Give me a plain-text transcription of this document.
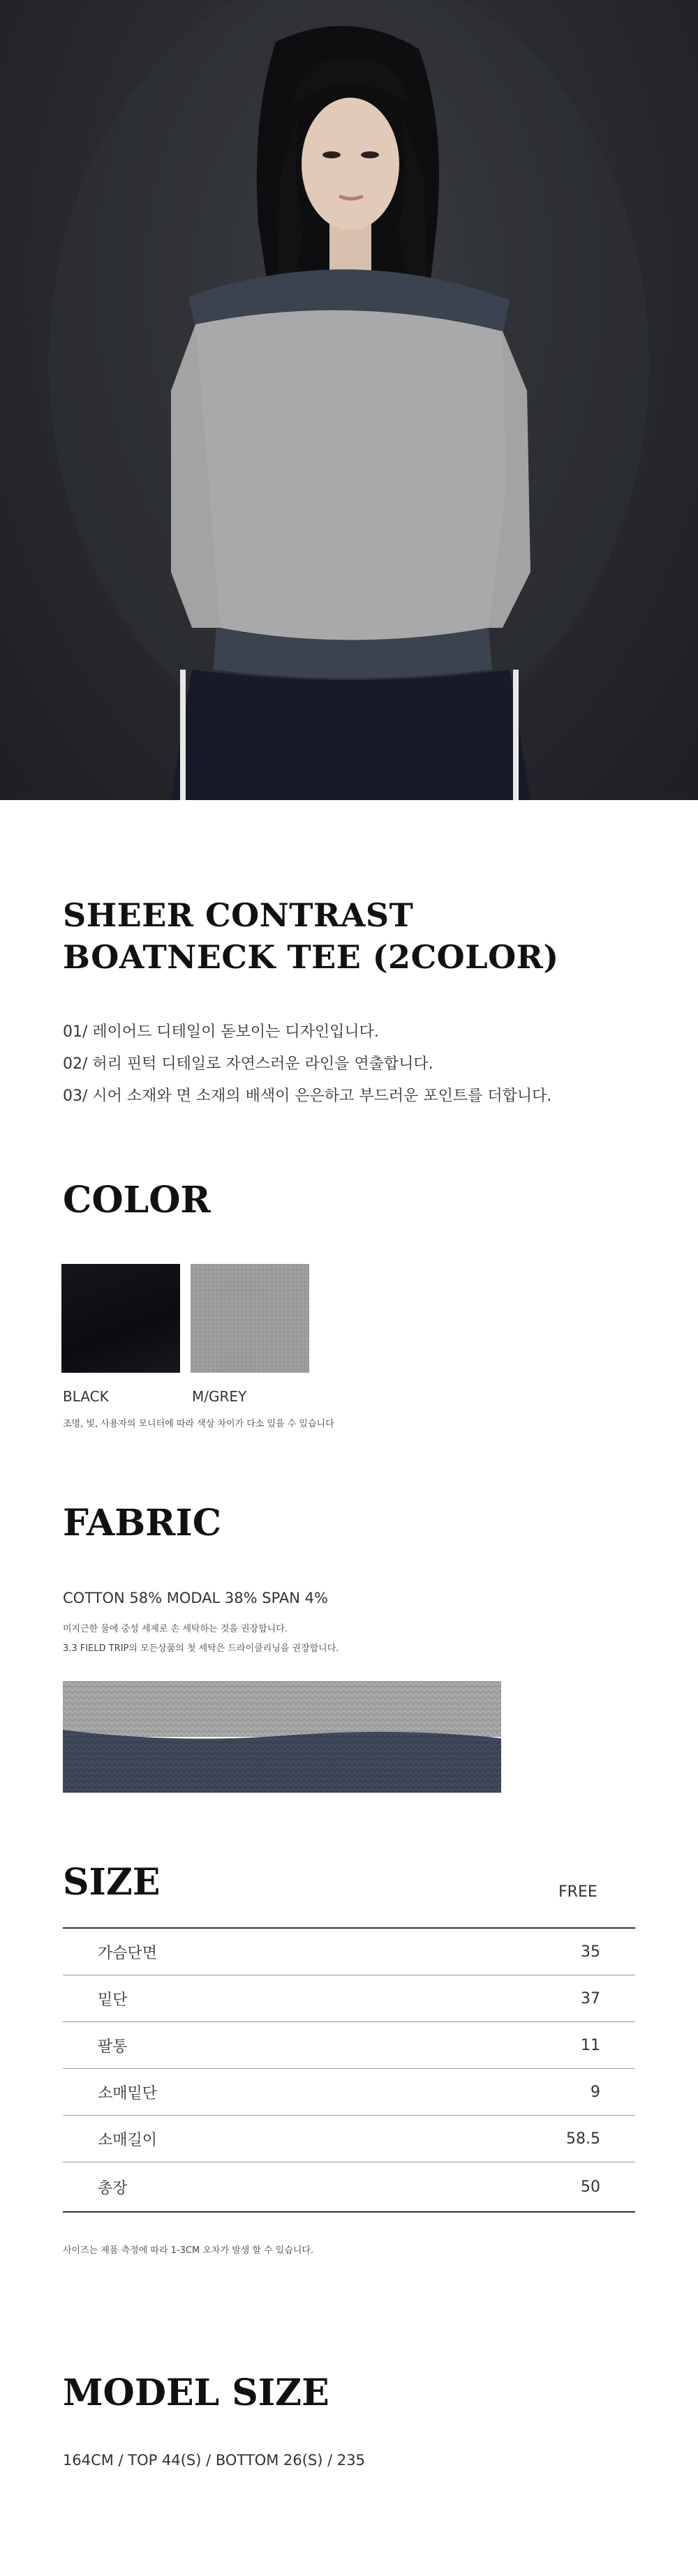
SHEER CONTRAST
BOATNECK TEE (2COLOR)
01/ 레이어드 디테일이 돋보이는 디자인입니다.
02/ 허리 핀턱 디테일로 자연스러운 라인을 연출합니다.
03/ 시어 소재와 면 소재의 배색이 은은하고 부드러운 포인트를 더합니다.
COLOR

BLACK	M/GREY

조명, 빛, 사용자의 모니터에 따라 색상 차이가 다소 있을 수 있습니다

FABRIC

COTTON 58% MODAL 38% SPAN 4%

미지근한 물에 중성 세제로 손 세탁하는 것을 권장합니다.

3.3 FIELD TRIP의 모든상품의 첫 세탁은 드라이클리닝을 권장합니다.

SIZE	FREE

가슴단면	35
밑단	37
팔통	11
소매밑단	9
소매길이	58.5
총장	50

사이즈는 제품 측정에 따라 1-3CM 오차가 발생 할 수 있습니다.

MODEL SIZE

164CM / TOP 44(S) / BOTTOM 26(S) / 235
